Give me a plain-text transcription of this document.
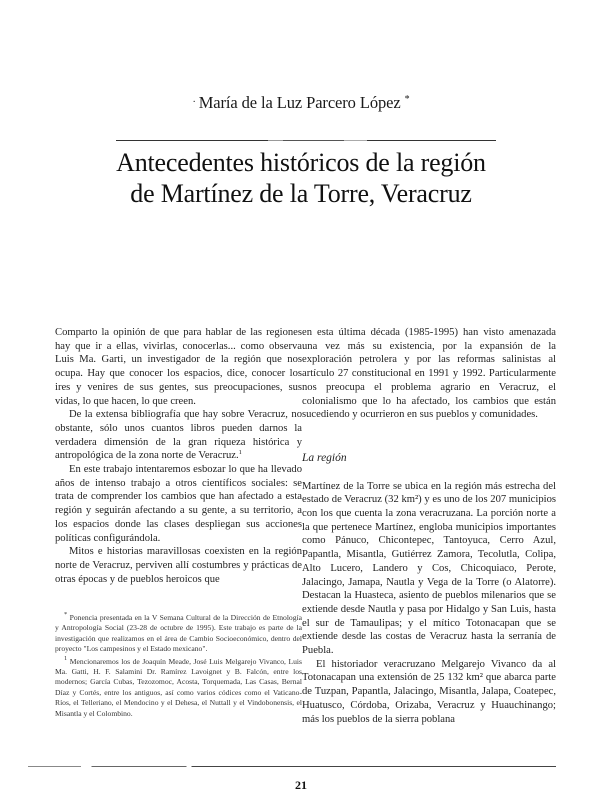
· María de la Luz Parcero López *
Antecedentes históricos de la región
de Martínez de la Torre, Veracruz

Comparto la opinión de que para hablar de las regiones hay que ir a ellas, vivirlas, conocerlas... como observa Luis Ma. Garti, un investigador de la región que nos ocupa. Hay que conocer los espacios, dice, conocer los ires y venires de sus gentes, sus preocupaciones, sus vidas, lo que hacen, lo que creen.

De la extensa bibliografía que hay sobre Veracruz, no obstante, sólo unos cuantos libros pueden darnos la verdadera dimensión de la gran riqueza histórica y antropológica de la zona norte de Veracruz.$^1$

En este trabajo intentaremos esbozar lo que ha llevado años de intenso trabajo a otros científicos sociales: se trata de comprender los cambios que han afectado a esta región y seguirán afectando a su gente, a su territorio, a los espacios donde las clases despliegan sus acciones políticas configurándola.

Mitos e historias maravillosas coexisten en la región norte de Veracruz, perviven allí costumbres y prácticas de otras épocas y de pueblos heroicos que

* Ponencia presentada en la V Semana Cultural de la Dirección de Etnología y Antropología Social (23-28 de octubre de 1995). Este trabajo es parte de la investigación que realizamos en el área de Cambio Socioeconómico, dentro del proyecto "Los campesinos y el Estado mexicano".

$^1$ Mencionaremos los de Joaquín Meade, José Luis Melgarejo Vivanco, Luis Ma. Gatti, H. F. Salamini Dr. Ramírez Lavoignet y B. Falcón, entre los modernos; García Cubas, Tezozomoc, Acosta, Torquemada, Las Casas, Bernal Díaz y Cortés, entre los antiguos, así como varios códices como el Vaticano-Ríos, el Telleriano, el Mendocino y el Dehesa, el Nuttall y el Vindobonensis, el Misantla y el Colombino.

en esta última década (1985-1995) han visto amenazada una vez más su existencia, por la expansión de la exploración petrolera y por las reformas salinistas al artículo 27 constitucional en 1991 y 1992. Particularmente nos preocupa el problema agrario en Veracruz, el colonialismo que lo ha afectado, los cambios que están sucediendo y ocurrieron en sus pueblos y comunidades.

La región

Martínez de la Torre se ubica en la región más estrecha del estado de Veracruz (32 km²) y es uno de los 207 municipios con los que cuenta la zona veracruzana. La porción norte a la que pertenece Martínez, engloba municipios importantes como Pánuco, Chicontepec, Tantoyuca, Cerro Azul, Papantla, Misantla, Gutiérrez Zamora, Tecolutla, Colipa, Alto Lucero, Landero y Cos, Chicoquiaco, Perote, Jalacingo, Jamapa, Nautla y Vega de la Torre (o Alatorre). Destacan la Huasteca, asiento de pueblos milenarios que se extiende desde Nautla y pasa por Hidalgo y San Luis, hasta el sur de Tamaulipas; y el mítico Totonacapan que se extiende desde las costas de Veracruz hasta la serranía de Puebla.

El historiador veracruzano Melgarejo Vivanco da al Totonacapan una extensión de 25 132 km² que abarca parte de Tuzpan, Papantla, Jalacingo, Misantla, Jalapa, Coatepec, Huatusco, Córdoba, Orizaba, Veracruz y Huauchinango; más los pueblos de la sierra poblana

21
